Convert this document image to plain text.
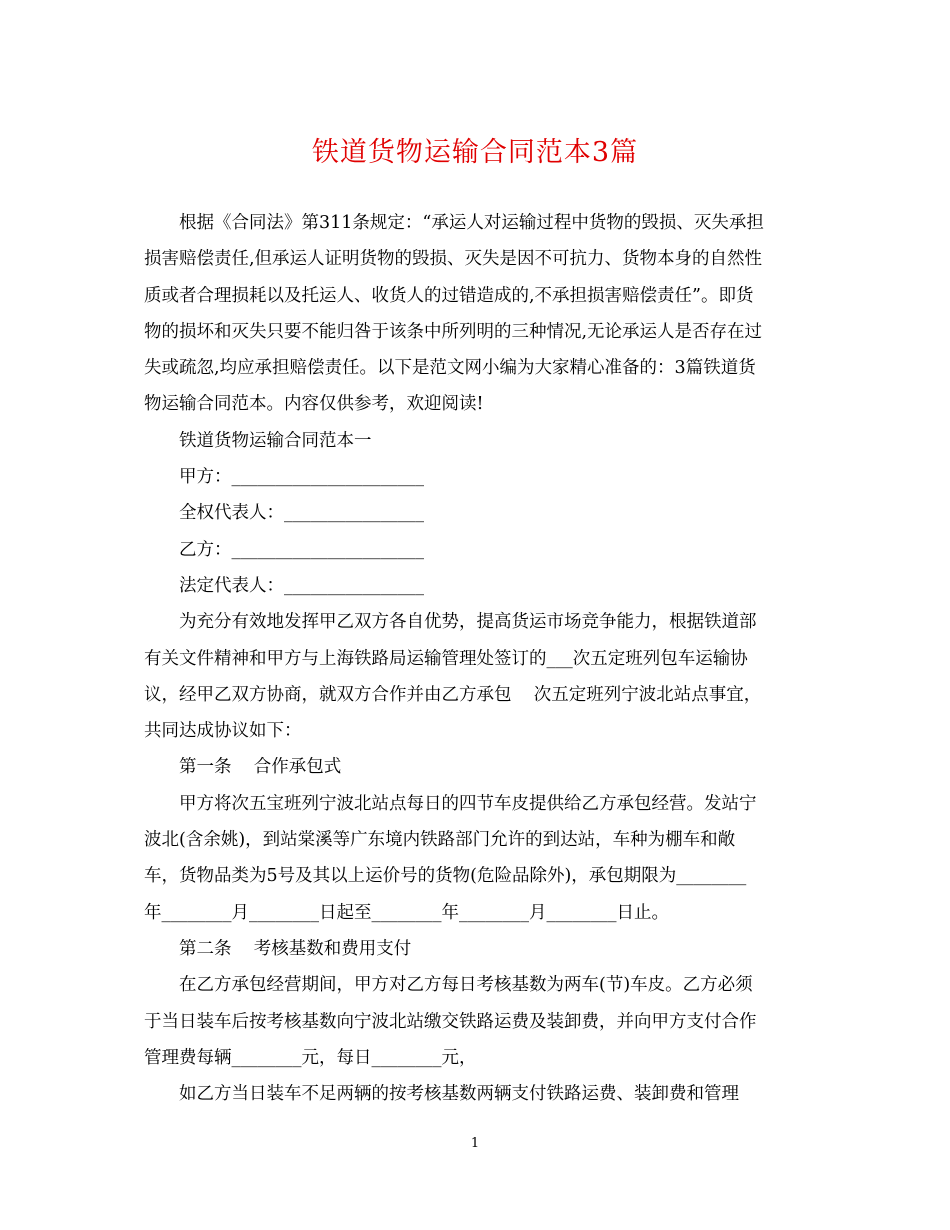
铁道货物运输合同范本3篇
根据《合同法》第311条规定：“承运人对运输过程中货物的毁损、灭失承担
损害赔偿责任,但承运人证明货物的毁损、灭失是因不可抗力、货物本身的自然性
质或者合理损耗以及托运人、收货人的过错造成的,不承担损害赔偿责任”。即货
物的损坏和灭失只要不能归咎于该条中所列明的三种情况,无论承运人是否存在过
失或疏忽,均应承担赔偿责任。以下是范文网小编为大家精心准备的：3篇铁道货
物运输合同范本。内容仅供参考，欢迎阅读!
铁道货物运输合同范本一
甲方：______________________
全权代表人：________________
乙方：______________________
法定代表人：________________
为充分有效地发挥甲乙双方各自优势，提高货运市场竞争能力，根据铁道部
有关文件精神和甲方与上海铁路局运输管理处签订的___次五定班列包车运输协
议，经甲乙双方协商，就双方合作并由乙方承包    次五定班列宁波北站点事宜，
共同达成协议如下：
第一条    合作承包式
甲方将次五宝班列宁波北站点每日的四节车皮提供给乙方承包经营。发站宁
波北(含余姚)，到站棠溪等广东境内铁路部门允许的到达站，车种为棚车和敞
车，货物品类为5号及其以上运价号的货物(危险品除外)，承包期限为________
年________月________日起至________年________月________日止。
第二条    考核基数和费用支付
在乙方承包经营期间，甲方对乙方每日考核基数为两车(节)车皮。乙方必须
于当日装车后按考核基数向宁波北站缴交铁路运费及装卸费，并向甲方支付合作
管理费每辆________元，每日________元，
如乙方当日装车不足两辆的按考核基数两辆支付铁路运费、装卸费和管理
1
